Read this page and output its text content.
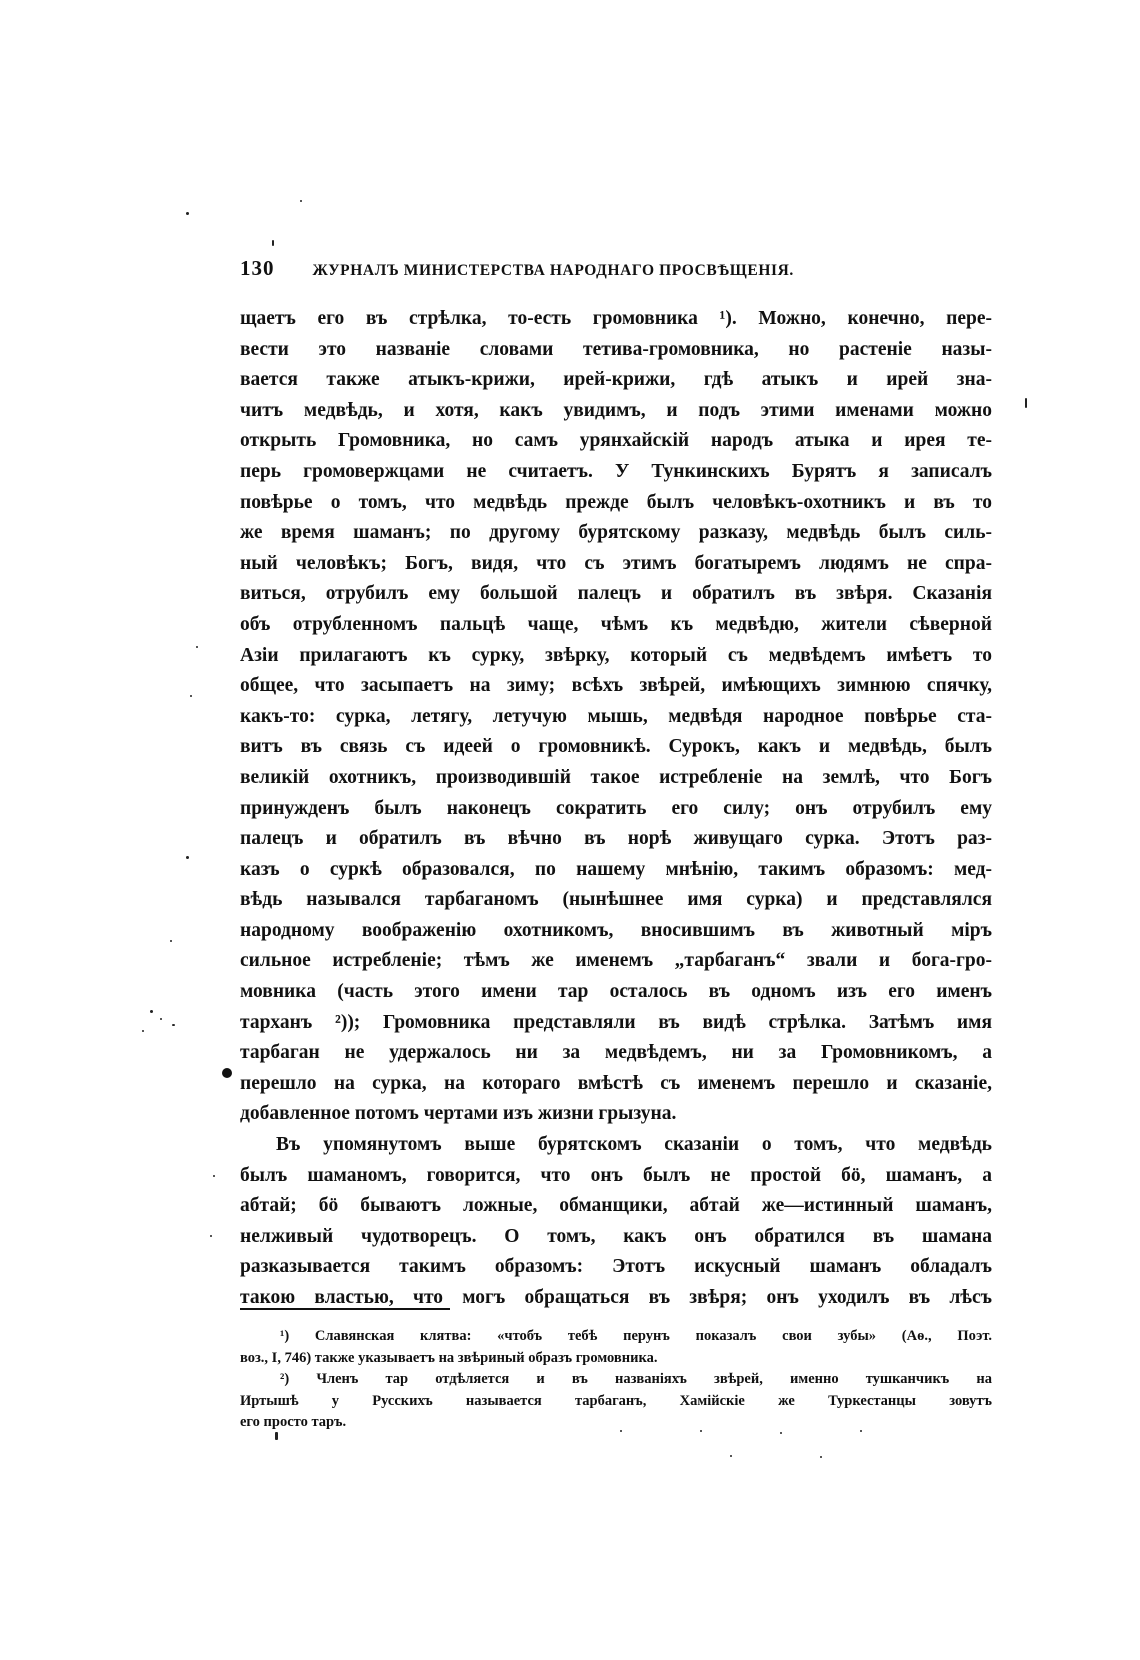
130 ЖУРНАЛЪ МИНИСТЕРСТВА НАРОДНАГО ПРОСВѢЩЕНІЯ.
щаетъ его въ стрѣлка, то-есть громовника ¹). Можно, конечно, пере-
вести это названіе словами тетива-громовника, но растеніе назы-
вается также атыкъ-крижи, ирей-крижи, гдѣ атыкъ и ирей зна-
читъ медвѣдь, и хотя, какъ увидимъ, и подъ этими именами можно
открыть Громовника, но самъ урянхайскій народъ атыка и ирея те-
перь громовержцами не считаетъ. У Тункинскихъ Бурятъ я записалъ
повѣрье о томъ, что медвѣдь прежде былъ человѣкъ-охотникъ и въ то
же время шаманъ; по другому бурятскому разказу, медвѣдь былъ силь-
ный человѣкъ; Богъ, видя, что съ этимъ богатыремъ людямъ не спра-
виться, отрубилъ ему большой палецъ и обратилъ въ звѣря. Сказанія
объ отрубленномъ пальцѣ чаще, чѣмъ къ медвѣдю, жители сѣверной
Азіи прилагаютъ къ сурку, звѣрку, который съ медвѣдемъ имѣетъ то
общее, что засыпаетъ на зиму; всѣхъ звѣрей, имѣющихъ зимнюю спячку,
какъ-то: сурка, летягу, летучую мышь, медвѣдя народное повѣрье ста-
витъ въ связь съ идеей о громовникѣ. Сурокъ, какъ и медвѣдь, былъ
великій охотникъ, производившій такое истребленіе на землѣ, что Богъ
принужденъ былъ наконецъ сократить его силу; онъ отрубилъ ему
палецъ и обратилъ въ вѣчно въ норѣ живущаго сурка. Этотъ раз-
казъ о суркѣ образовался, по нашему мнѣнію, такимъ образомъ: мед-
вѣдь назывался тарбаганомъ (нынѣшнее имя сурка) и представлялся
народному воображенію охотникомъ, вносившимъ въ животный міръ
сильное истребленіе; тѣмъ же именемъ „тарбаганъ“ звали и бога-гро-
мовника (часть этого имени тар осталось въ одномъ изъ его именъ
тарханъ ²)); Громовника представляли въ видѣ стрѣлка. Затѣмъ имя
тарбаган не удержалось ни за медвѣдемъ, ни за Громовникомъ, а
перешло на сурка, на котораго вмѣстѣ съ именемъ перешло и сказаніе,
добавленное потомъ чертами изъ жизни грызуна.
Въ упомянутомъ выше бурятскомъ сказаніи о томъ, что медвѣдь
былъ шаманомъ, говорится, что онъ былъ не простой бö, шаманъ, а
абтай; бö бываютъ ложные, обманщики, абтай же—истинный шаманъ,
нелживый чудотворецъ. О томъ, какъ онъ обратился въ шамана
разказывается такимъ образомъ: Этотъ искусный шаманъ обладалъ
такою властью, что могъ обращаться въ звѣря; онъ уходилъ въ лѣсъ
¹) Славянская клятва: «чтобъ тебѣ перунъ показалъ свои зубы» (Аѳ., Поэт.
воз., I, 746) также указываетъ на звѣриный образъ громовника.
²) Членъ тар отдѣляется и въ названіяхъ звѣрей, именно тушканчикъ на
Иртышѣ у Русскихъ называется тарбаганъ, Хамійскіе же Туркестанцы зовутъ
его просто таръ.
